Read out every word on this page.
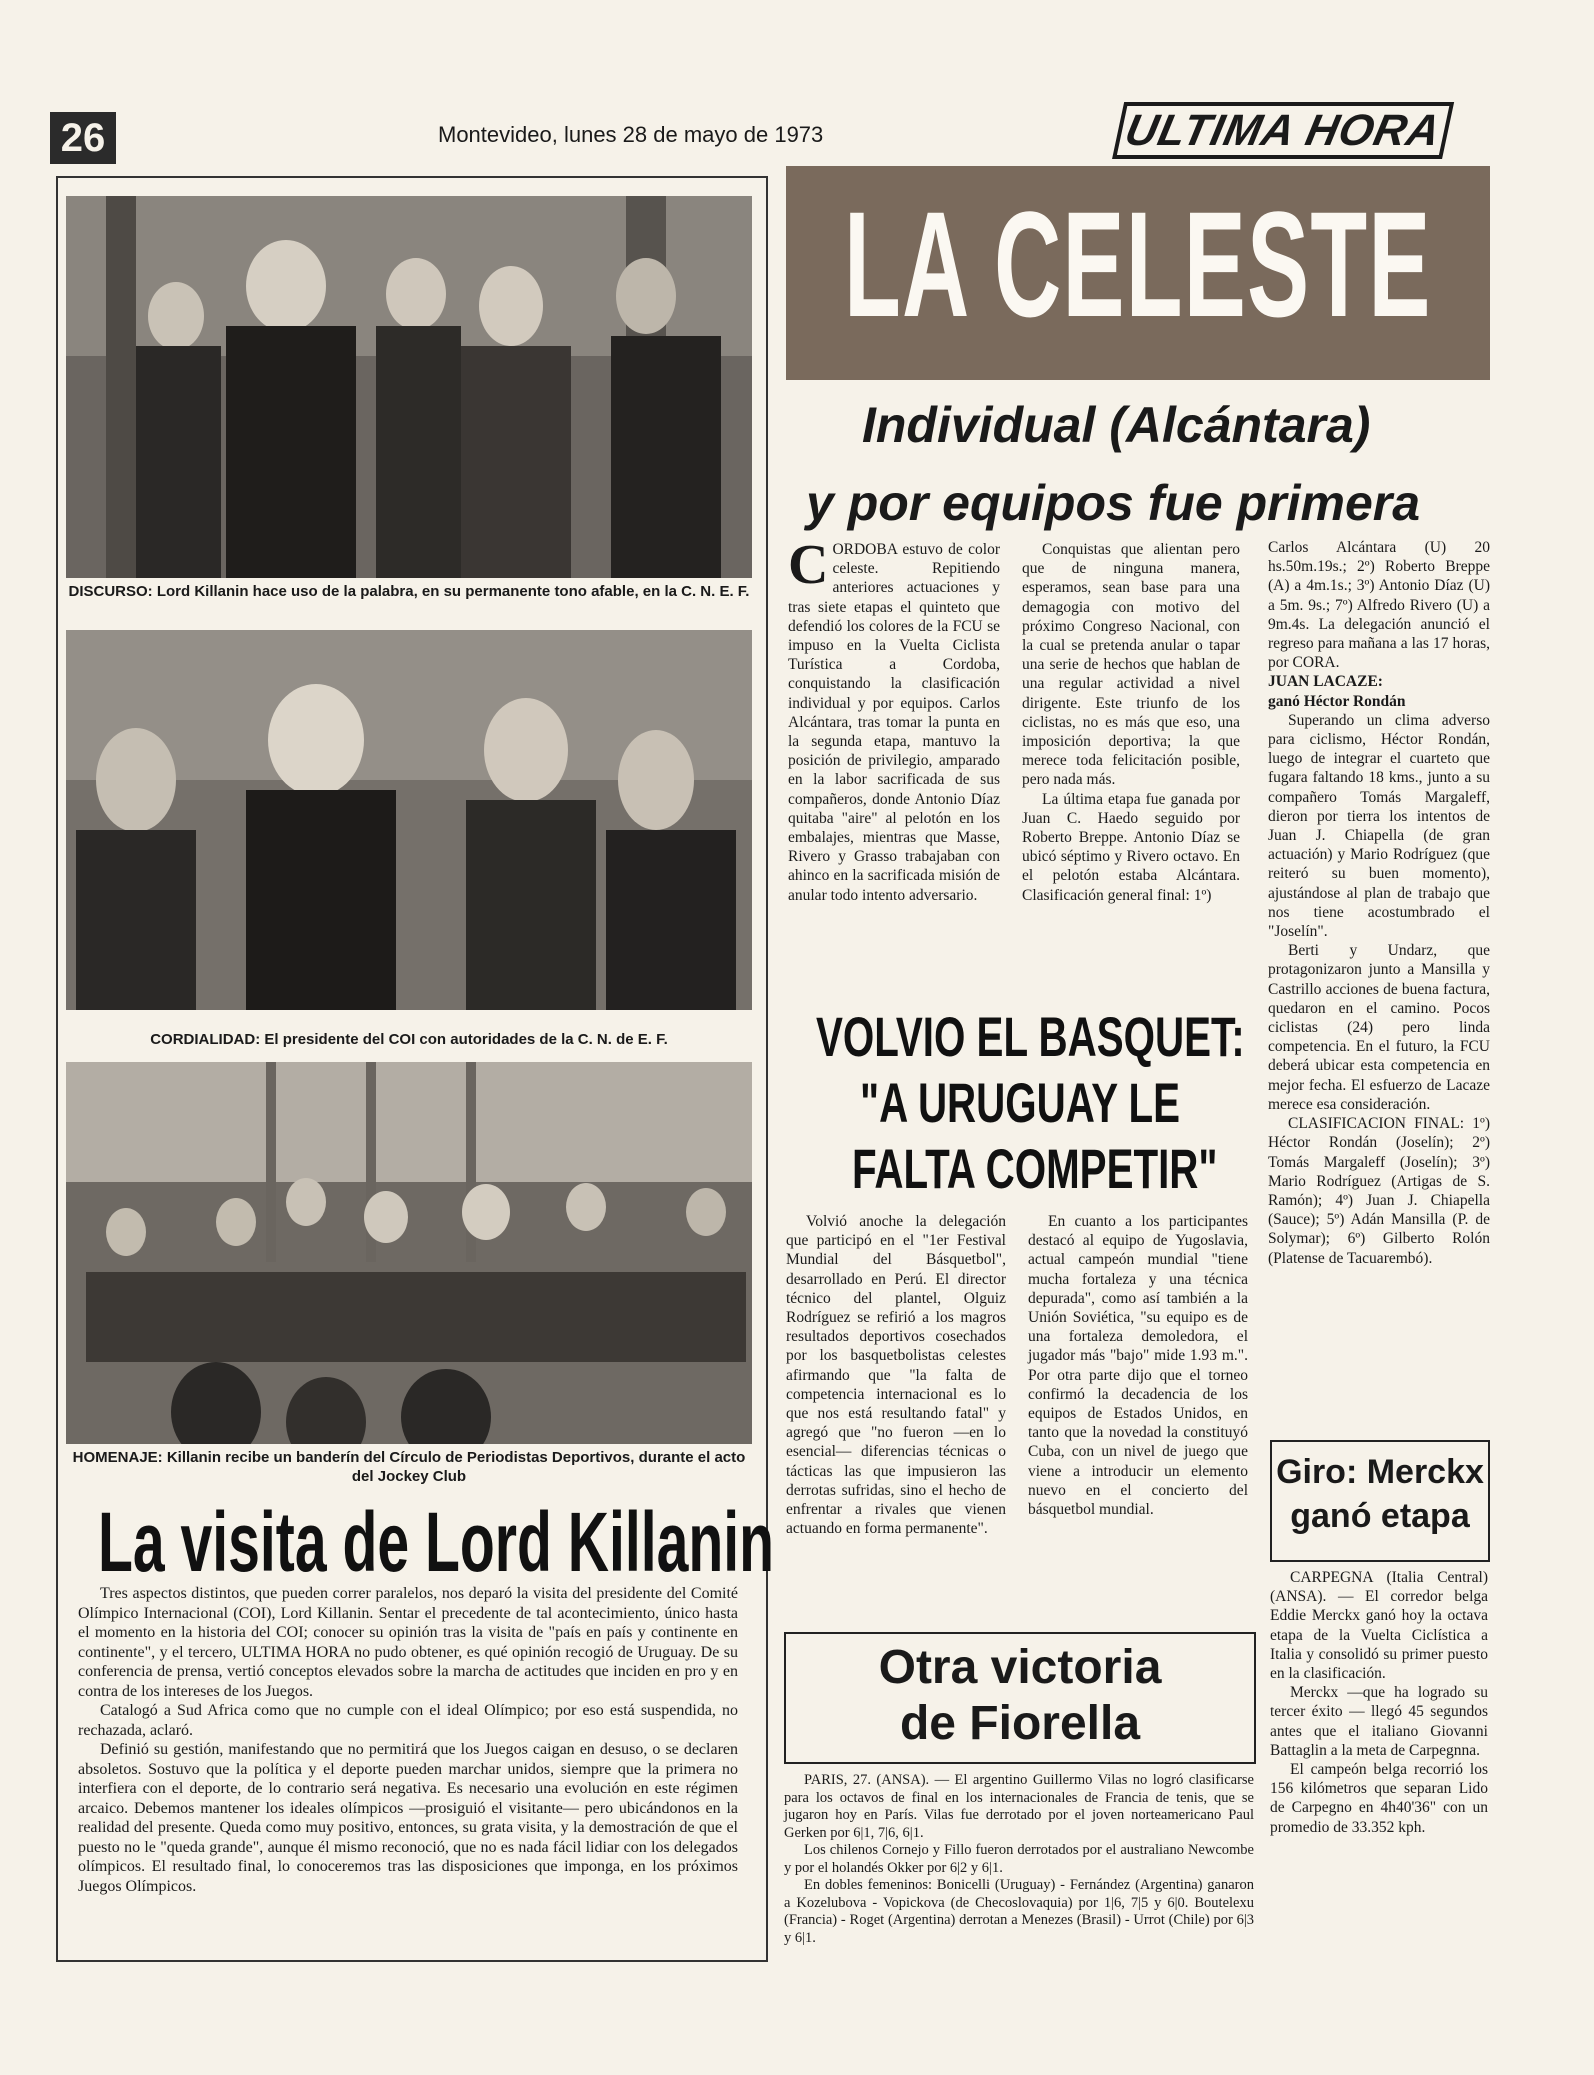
26	Montevideo, lunes 28 de mayo de 1973	ULTIMA HORA
DISCURSO: Lord Killanin hace uso de la palabra, en su permanente tono afable, en la C. N. E. F.
CORDIALIDAD: El presidente del COI con autoridades de la C. N. de E. F.
HOMENAJE: Killanin recibe un banderín del Círculo de Periodistas Deportivos, durante el acto del Jockey Club
La visita de Lord Killanin

Tres aspectos distintos, que pueden correr paralelos, nos deparó la visita del presidente del Comité Olímpico Internacional (COI), Lord Killanin. Sentar el precedente de tal acontecimiento, único hasta el momento en la historia del COI; conocer su opinión tras la visita de "país en país y continente en continente", y el tercero, ULTIMA HORA no pudo obtener, es qué opinión recogió de Uruguay. De su conferencia de prensa, vertió conceptos elevados sobre la marcha de actitudes que inciden en pro y en contra de los intereses de los Juegos.

Catalogó a Sud Africa como que no cumple con el ideal Olímpico; por eso está suspendida, no rechazada, aclaró.

Definió su gestión, manifestando que no permitirá que los Juegos caigan en desuso, o se declaren absoletos. Sostuvo que la política y el deporte pueden marchar unidos, siempre que la primera no interfiera con el deporte, de lo contrario será negativa. Es necesario una evolución en este régimen arcaico. Debemos mantener los ideales olímpicos —prosiguió el visitante— pero ubicándonos en la realidad del presente. Queda como muy positivo, entonces, su grata visita, y la demostración de que el puesto no le "queda grande", aunque él mismo reconoció, que no es nada fácil lidiar con los delegados olímpicos. El resultado final, lo conoceremos tras las disposiciones que imponga, en los próximos Juegos Olímpicos.

LA CELESTE
Individual (Alcántara)
y por equipos fue primera

CORDOBA estuvo de color celeste. Repitiendo anteriores actuaciones y tras siete etapas el quinteto que defendió los colores de la FCU se impuso en la Vuelta Ciclista Turística a Cordoba, conquistando la clasificación individual y por equipos. Carlos Alcántara, tras tomar la punta en la segunda etapa, mantuvo la posición de privilegio, amparado en la labor sacrificada de sus compañeros, donde Antonio Díaz quitaba "aire" al pelotón en los embalajes, mientras que Masse, Rivero y Grasso trabajaban con ahinco en la sacrificada misión de anular todo intento adversario.

Conquistas que alientan pero que de ninguna manera, esperamos, sean base para una demagogia con motivo del próximo Congreso Nacional, con la cual se pretenda anular o tapar una serie de hechos que hablan de una regular actividad a nivel dirigente. Este triunfo de los ciclistas, no es más que eso, una imposición deportiva; la que merece toda felicitación posible, pero nada más.

La última etapa fue ganada por Juan C. Haedo seguido por Roberto Breppe. Antonio Díaz se ubicó séptimo y Rivero octavo. En el pelotón estaba Alcántara. Clasificación general final: 1º)

Carlos Alcántara (U) 20 hs.50m.19s.; 2º) Roberto Breppe (A) a 4m.1s.; 3º) Antonio Díaz (U) a 5m. 9s.; 7º) Alfredo Rivero (U) a 9m.4s. La delegación anunció el regreso para mañana a las 17 horas, por CORA.

JUAN LACAZE:

ganó Héctor Rondán

Superando un clima adverso para ciclismo, Héctor Rondán, luego de integrar el cuarteto que fugara faltando 18 kms., junto a su compañero Tomás Margaleff, dieron por tierra los intentos de Juan J. Chiapella (de gran actuación) y Mario Rodríguez (que reiteró su buen momento), ajustándose al plan de trabajo que nos tiene acostumbrado el "Joselín".

Berti y Undarz, que protagonizaron junto a Mansilla y Castrillo acciones de buena factura, quedaron en el camino. Pocos ciclistas (24) pero linda competencia. En el futuro, la FCU deberá ubicar esta competencia en mejor fecha. El esfuerzo de Lacaze merece esa consideración.

CLASIFICACION FINAL: 1º) Héctor Rondán (Joselín); 2º) Tomás Margaleff (Joselín); 3º) Mario Rodríguez (Artigas de S. Ramón); 4º) Juan J. Chiapella (Sauce); 5º) Adán Mansilla (P. de Solymar); 6º) Gilberto Rolón (Platense de Tacuarembó).

VOLVIO EL BASQUET:
"A URUGUAY LE
FALTA COMPETIR"

Volvió anoche la delegación que participó en el "1er Festival Mundial del Básquetbol", desarrollado en Perú. El director técnico del plantel, Olguiz Rodríguez se refirió a los magros resultados deportivos cosechados por los basquetbolistas celestes afirmando que "la falta de competencia internacional es lo que nos está resultando fatal" y agregó que "no fueron —en lo esencial— diferencias técnicas o tácticas las que impusieron las derrotas sufridas, sino el hecho de enfrentar a rivales que vienen actuando en forma permanente".

En cuanto a los participantes destacó al equipo de Yugoslavia, actual campeón mundial "tiene mucha fortaleza y una técnica depurada", como así también a la Unión Soviética, "su equipo es de una fortaleza demoledora, el jugador más "bajo" mide 1.93 m.". Por otra parte dijo que el torneo confirmó la decadencia de los equipos de Estados Unidos, en tanto que la novedad la constituyó Cuba, con un nivel de juego que viene a introducir un elemento nuevo en el concierto del básquetbol mundial.

Otra victoria
de Fiorella

PARIS, 27. (ANSA). — El argentino Guillermo Vilas no logró clasificarse para los octavos de final en los internacionales de Francia de tenis, que se jugaron hoy en París. Vilas fue derrotado por el joven norteamericano Paul Gerken por 6|1, 7|6, 6|1.

Los chilenos Cornejo y Fillo fueron derrotados por el australiano Newcombe y por el holandés Okker por 6|2 y 6|1.

En dobles femeninos: Bonicelli (Uruguay) - Fernández (Argentina) ganaron a Kozelubova - Vopickova (de Checoslovaquia) por 1|6, 7|5 y 6|0. Boutelexu (Francia) - Roget (Argentina) derrotan a Menezes (Brasil) - Urrot (Chile) por 6|3 y 6|1.

Giro: Merckx
ganó etapa

CARPEGNA (Italia Central) (ANSA). — El corredor belga Eddie Merckx ganó hoy la octava etapa de la Vuelta Ciclística a Italia y consolidó su primer puesto en la clasificación.

Merckx —que ha logrado su tercer éxito — llegó 45 segundos antes que el italiano Giovanni Battaglin a la meta de Carpegnna.

El campeón belga recorrió los 156 kilómetros que separan Lido de Carpegno en 4h40'36" con un promedio de 33.352 kph.
